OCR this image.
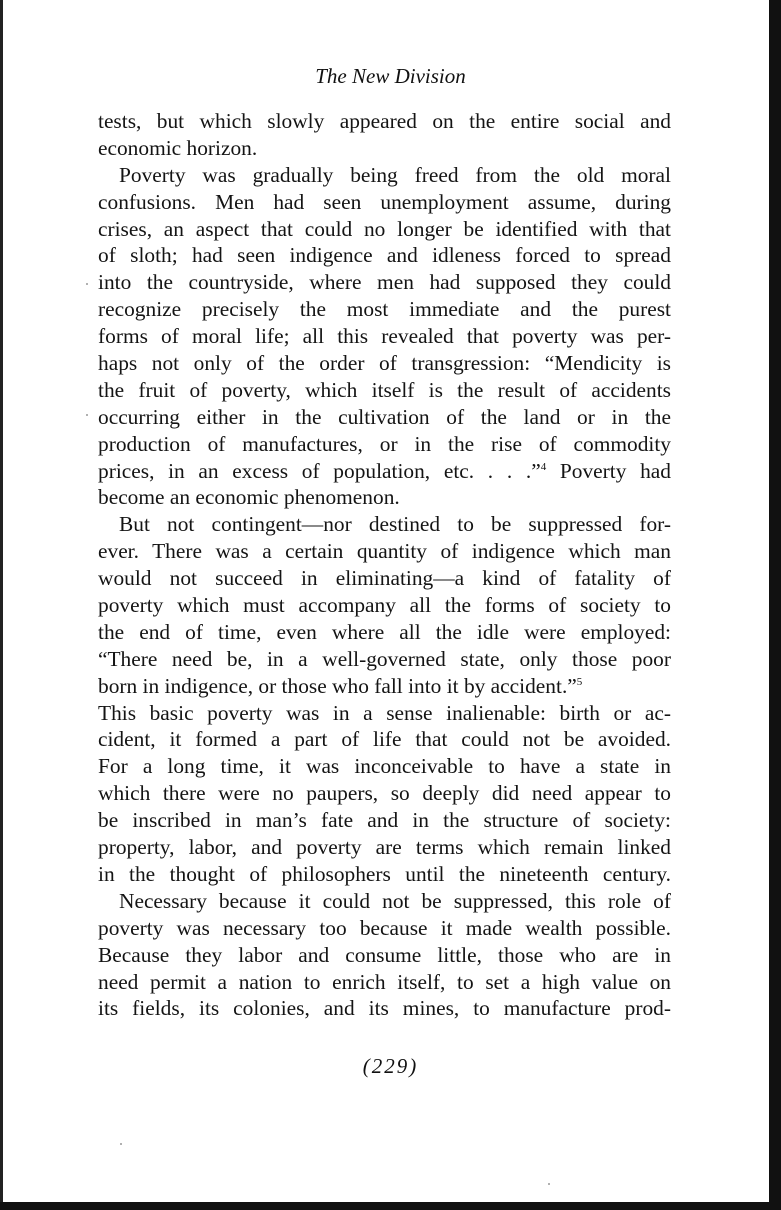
The New Division
tests, but which slowly appeared on the entire social and
economic horizon.
Poverty was gradually being freed from the old moral
confusions. Men had seen unemployment assume, during
crises, an aspect that could no longer be identified with that
of sloth; had seen indigence and idleness forced to spread
into the countryside, where men had supposed they could
recognize precisely the most immediate and the purest
forms of moral life; all this revealed that poverty was per-
haps not only of the order of transgression: “Mendicity is
the fruit of poverty, which itself is the result of accidents
occurring either in the cultivation of the land or in the
production of manufactures, or in the rise of commodity
prices, in an excess of population, etc. . . .”$^4$ Poverty had
become an economic phenomenon.
But not contingent—nor destined to be suppressed for-
ever. There was a certain quantity of indigence which man
would not succeed in eliminating—a kind of fatality of
poverty which must accompany all the forms of society to
the end of time, even where all the idle were employed:
“There need be, in a well-governed state, only those poor
born in indigence, or those who fall into it by accident.”$^5$
This basic poverty was in a sense inalienable: birth or ac-
cident, it formed a part of life that could not be avoided.
For a long time, it was inconceivable to have a state in
which there were no paupers, so deeply did need appear to
be inscribed in man’s fate and in the structure of society:
property, labor, and poverty are terms which remain linked
in the thought of philosophers until the nineteenth century.
Necessary because it could not be suppressed, this role of
poverty was necessary too because it made wealth possible.
Because they labor and consume little, those who are in
need permit a nation to enrich itself, to set a high value on
its fields, its colonies, and its mines, to manufacture prod-
(229)
